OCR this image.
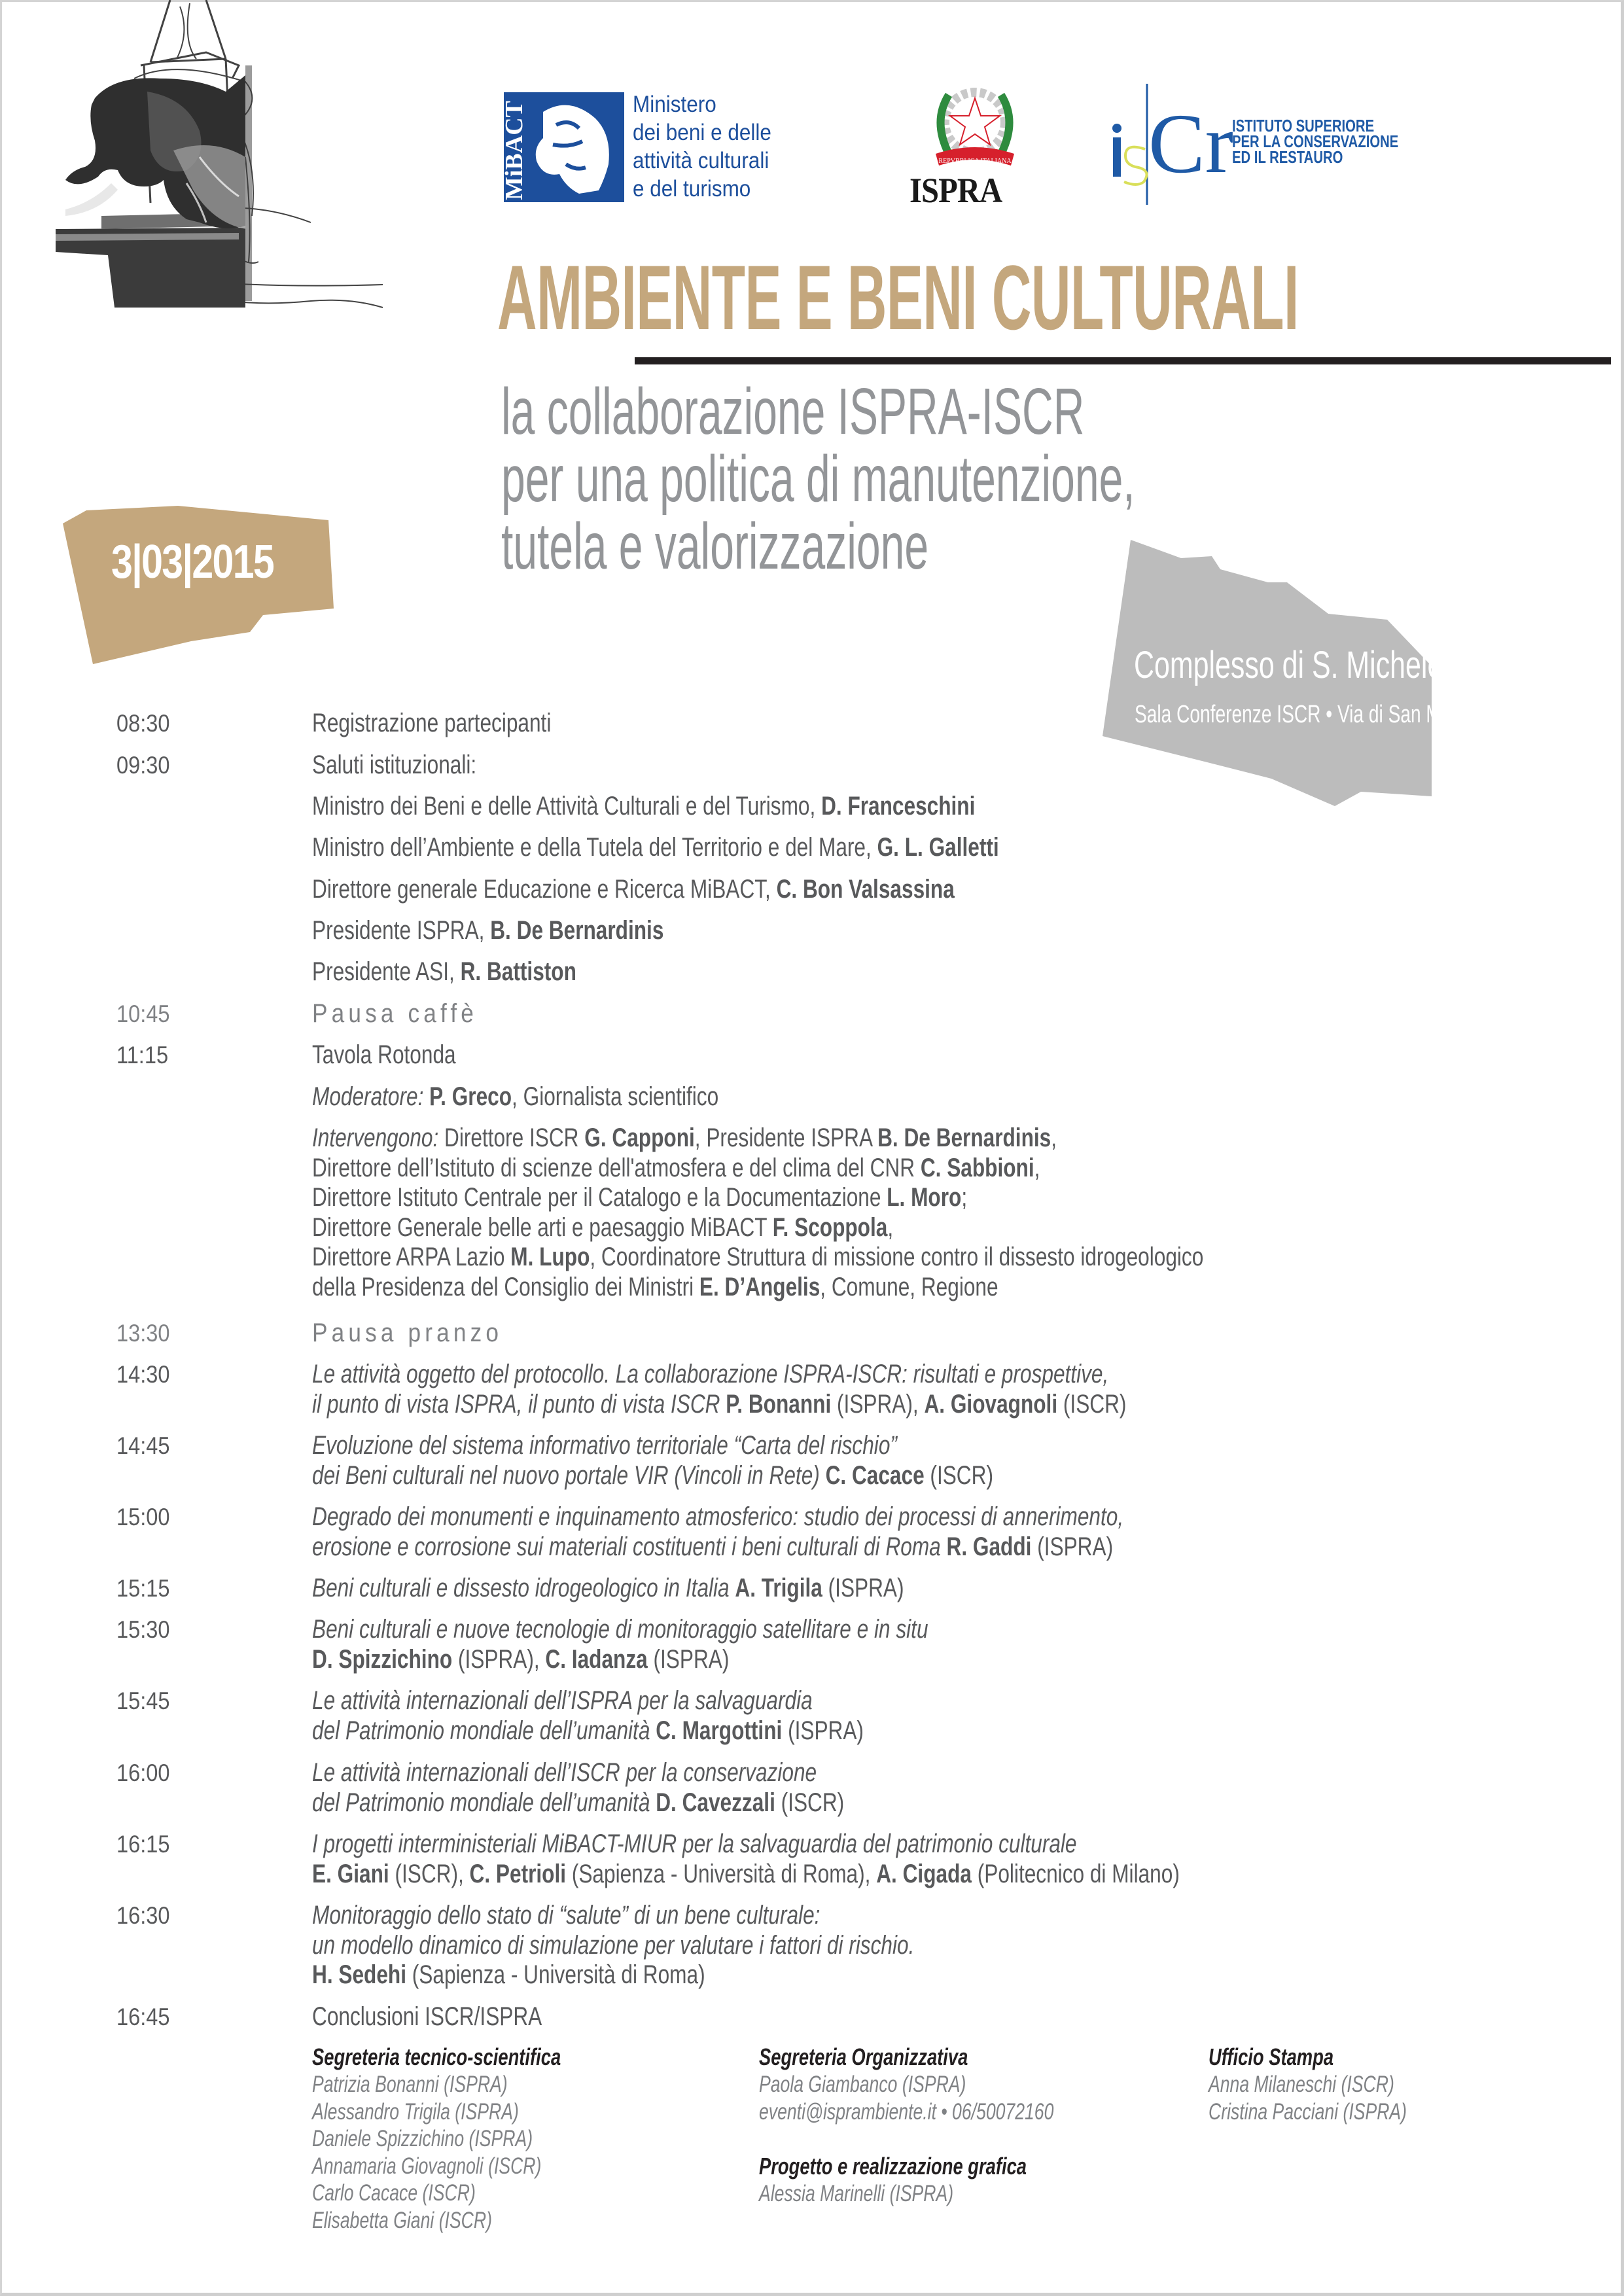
3|03|2015
MiBACT	Ministero
dei beni e delle
attività culturali
e del turismo
REPVBBLICA ITALIANA
ISPRA Cr
ISTITUTO SUPERIORE
PER LA CONSERVAZIONE
ED IL RESTAURO
AMBIENTE E BENI CULTURALI
la collaborazione ISPRA-ISCR
per una politica di manutenzione,
tutela e valorizzazione
Complesso di S. Michele a Ripa
Sala Conferenze ISCR • Via di San Michele, 25
08:30	Registrazione partecipanti
09:30	Saluti istituzionali:
Ministro dei Beni e delle Attività Culturali e del Turismo, D. Franceschini
Ministro dell’Ambiente e della Tutela del Territorio e del Mare, G. L. Galletti
Direttore generale Educazione e Ricerca MiBACT, C. Bon Valsassina
Presidente ISPRA, B. De Bernardinis
Presidente ASI, R. Battiston
10:45	Pausa caffè
11:15	Tavola Rotonda
Moderatore: P. Greco, Giornalista scientifico
Intervengono: Direttore ISCR G. Capponi, Presidente ISPRA B. De Bernardinis,
Direttore dell’Istituto di scienze dell'atmosfera e del clima del CNR C. Sabbioni,
Direttore Istituto Centrale per il Catalogo e la Documentazione L. Moro;
Direttore Generale belle arti e paesaggio MiBACT F. Scoppola,
Direttore ARPA Lazio M. Lupo, Coordinatore Struttura di missione contro il dissesto idrogeologico
della Presidenza del Consiglio dei Ministri E. D’Angelis, Comune, Regione
13:30	Pausa pranzo
14:30	Le attività oggetto del protocollo. La collaborazione ISPRA-ISCR: risultati e prospettive,
il punto di vista ISPRA, il punto di vista ISCR P. Bonanni (ISPRA), A. Giovagnoli (ISCR)
14:45	Evoluzione del sistema informativo territoriale “Carta del rischio”
dei Beni culturali nel nuovo portale VIR (Vincoli in Rete) C. Cacace (ISCR)
15:00	Degrado dei monumenti e inquinamento atmosferico: studio dei processi di annerimento,
erosione e corrosione sui materiali costituenti i beni culturali di Roma R. Gaddi (ISPRA)
15:15	Beni culturali e dissesto idrogeologico in Italia A. Trigila (ISPRA)
15:30	Beni culturali e nuove tecnologie di monitoraggio satellitare e in situ
D. Spizzichino (ISPRA), C. Iadanza (ISPRA)
15:45	Le attività internazionali dell’ISPRA per la salvaguardia
del Patrimonio mondiale dell’umanità C. Margottini (ISPRA)
16:00	Le attività internazionali dell’ISCR per la conservazione
del Patrimonio mondiale dell’umanità D. Cavezzali (ISCR)
16:15	I progetti interministeriali MiBACT-MIUR per la salvaguardia del patrimonio culturale
E. Giani (ISCR), C. Petrioli (Sapienza - Università di Roma), A. Cigada (Politecnico di Milano)
16:30	Monitoraggio dello stato di “salute” di un bene culturale:
un modello dinamico di simulazione per valutare i fattori di rischio.
H. Sedehi (Sapienza - Università di Roma)
16:45	Conclusioni ISCR/ISPRA
Segreteria tecnico-scientifica
Patrizia Bonanni (ISPRA)
Alessandro Trigila (ISPRA)
Daniele Spizzichino (ISPRA)
Annamaria Giovagnoli (ISCR)
Carlo Cacace (ISCR)
Elisabetta Giani (ISCR)
Segreteria Organizzativa
Paola Giambanco (ISPRA)
eventi@isprambiente.it • 06/50072160
Progetto e realizzazione grafica
Alessia Marinelli (ISPRA)
Ufficio Stampa
Anna Milaneschi (ISCR)
Cristina Pacciani (ISPRA)
